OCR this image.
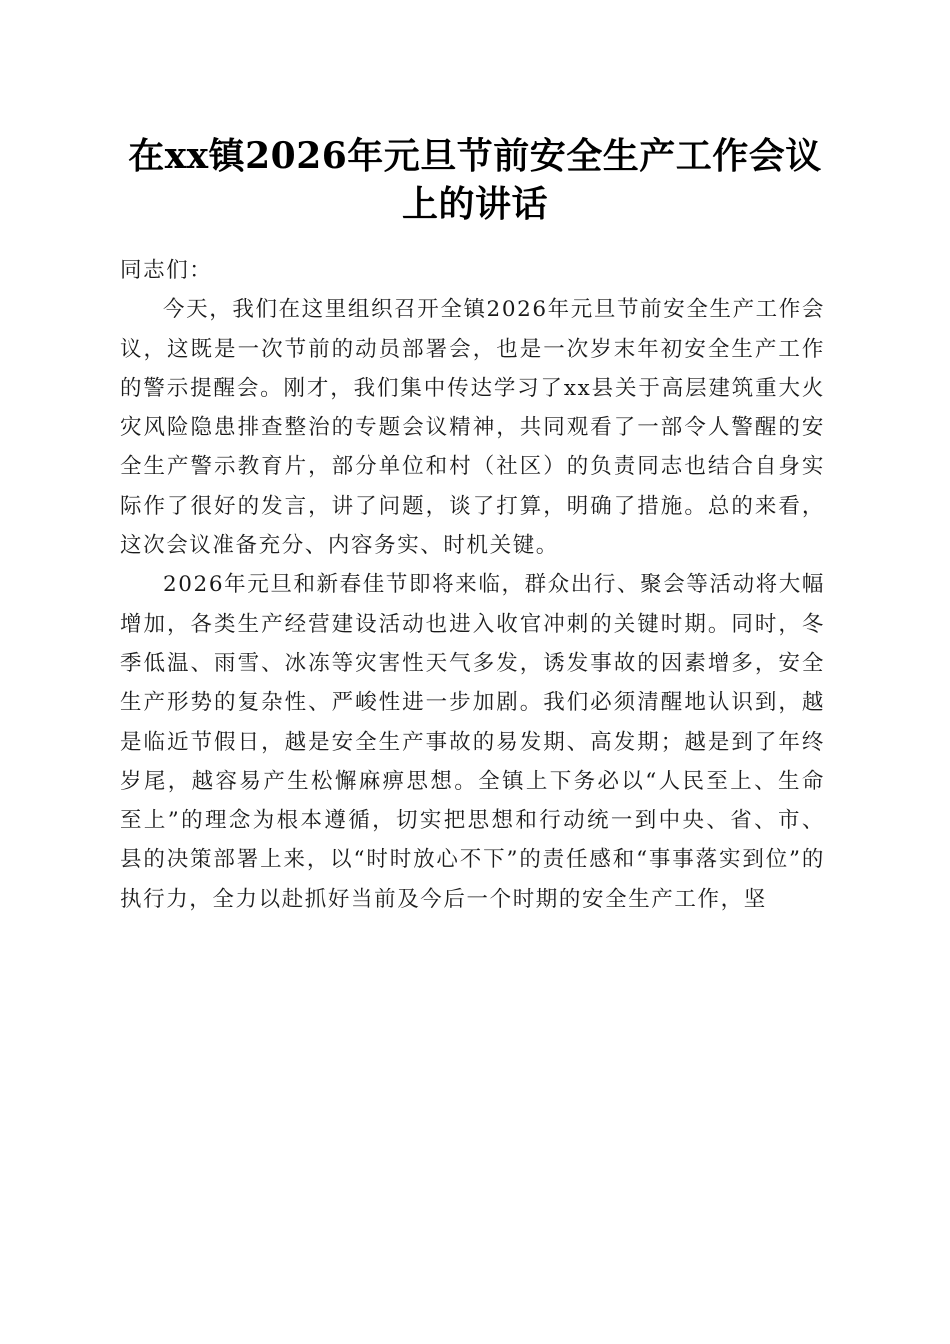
在xx镇2026年元旦节前安全生产工作会议上的讲话

同志们：

今天，我们在这里组织召开全镇2026年元旦节前安全生产工作会议，这既是一次节前的动员部署会，也是一次岁末年初安全生产工作的警示提醒会。刚才，我们集中传达学习了xx县关于高层建筑重大火灾风险隐患排查整治的专题会议精神，共同观看了一部令人警醒的安全生产警示教育片，部分单位和村（社区）的负责同志也结合自身实际作了很好的发言，讲了问题，谈了打算，明确了措施。总的来看，这次会议准备充分、内容务实、时机关键。

2026年元旦和新春佳节即将来临，群众出行、聚会等活动将大幅增加，各类生产经营建设活动也进入收官冲刺的关键时期。同时，冬季低温、雨雪、冰冻等灾害性天气多发，诱发事故的因素增多，安全生产形势的复杂性、严峻性进一步加剧。我们必须清醒地认识到，越是临近节假日，越是安全生产事故的易发期、高发期；越是到了年终岁尾，越容易产生松懈麻痹思想。全镇上下务必以“人民至上、生命至上”的理念为根本遵循，切实把思想和行动统一到中央、省、市、县的决策部署上来，以“时时放心不下”的责任感和“事事落实到位”的执行力，全力以赴抓好当前及今后一个时期的安全生产工作，坚
